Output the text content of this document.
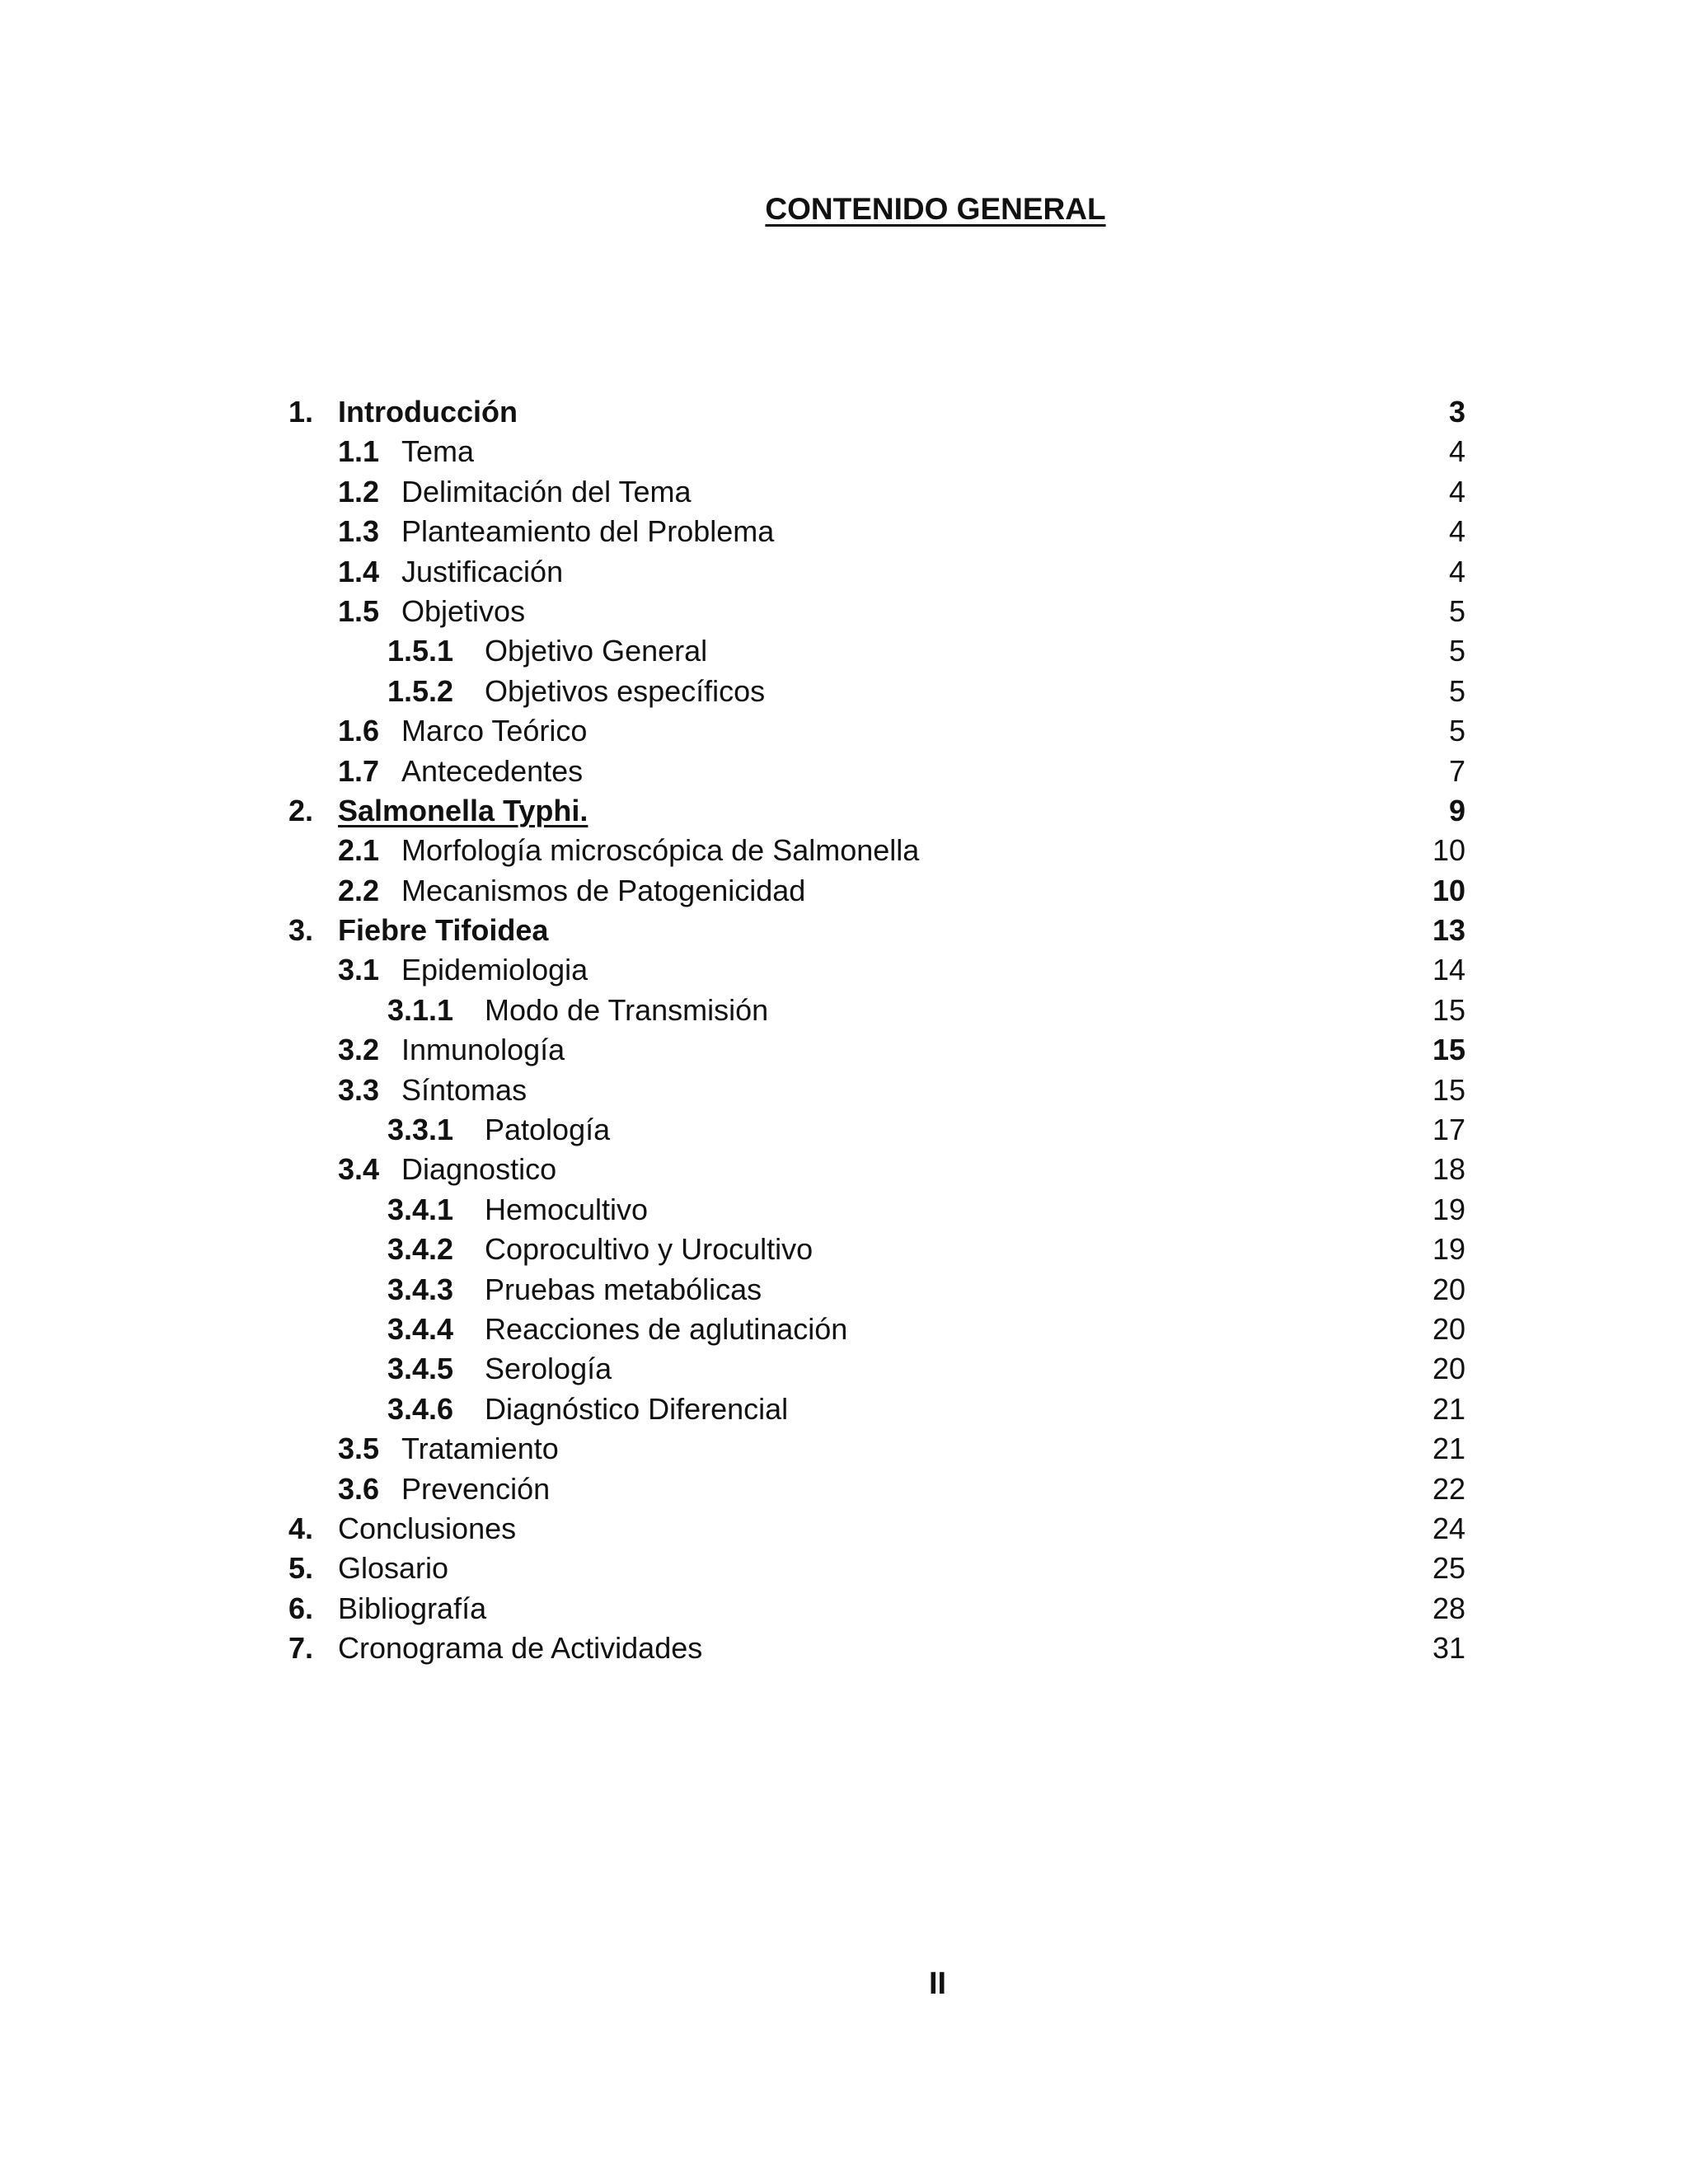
CONTENIDO GENERAL
1. Introducción	3
1.1 Tema	4
1.2 Delimitación del Tema	4
1.3 Planteamiento del Problema	4
1.4 Justificación	4
1.5 Objetivos	5
1.5.1 Objetivo General	5
1.5.2 Objetivos específicos	5
1.6 Marco Teórico	5
1.7 Antecedentes	7
2. Salmonella Typhi.	9
2.1 Morfología microscópica de Salmonella	10
2.2 Mecanismos de Patogenicidad	10
3. Fiebre Tifoidea	13
3.1 Epidemiologia	14
3.1.1 Modo de Transmisión	15
3.2 Inmunología	15
3.3 Síntomas	15
3.3.1 Patología	17
3.4 Diagnostico	18
3.4.1 Hemocultivo	19
3.4.2 Coprocultivo y Urocultivo	19
3.4.3 Pruebas metabólicas	20
3.4.4 Reacciones de aglutinación	20
3.4.5 Serología	20
3.4.6 Diagnóstico Diferencial	21
3.5 Tratamiento	21
3.6 Prevención	22
4. Conclusiones	24
5. Glosario	25
6. Bibliografía	28
7. Cronograma de Actividades	31
II
